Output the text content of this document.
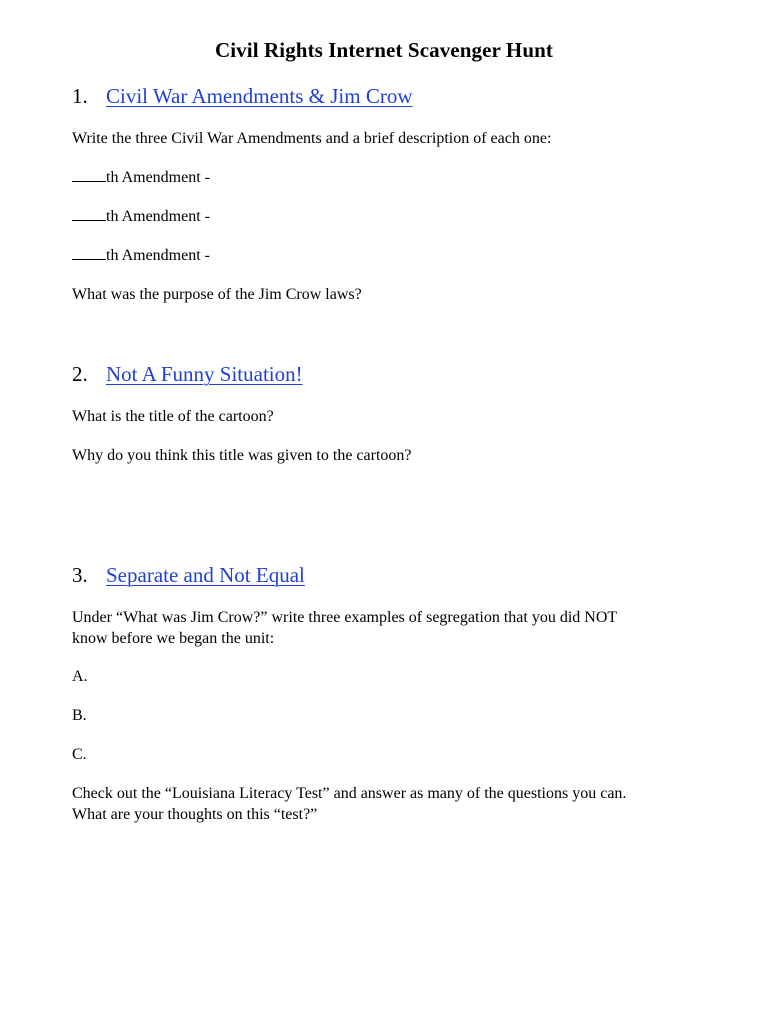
Civil Rights Internet Scavenger Hunt
1. Civil War Amendments & Jim Crow
Write the three Civil War Amendments and a brief description of each one:
th Amendment -
th Amendment -
th Amendment -
What was the purpose of the Jim Crow laws?
2. Not A Funny Situation!
What is the title of the cartoon?
Why do you think this title was given to the cartoon?
3. Separate and Not Equal
Under “What was Jim Crow?” write three examples of segregation that you did NOT
know before we began the unit:
A.
B.
C.
Check out the “Louisiana Literacy Test” and answer as many of the questions you can.
What are your thoughts on this “test?”
